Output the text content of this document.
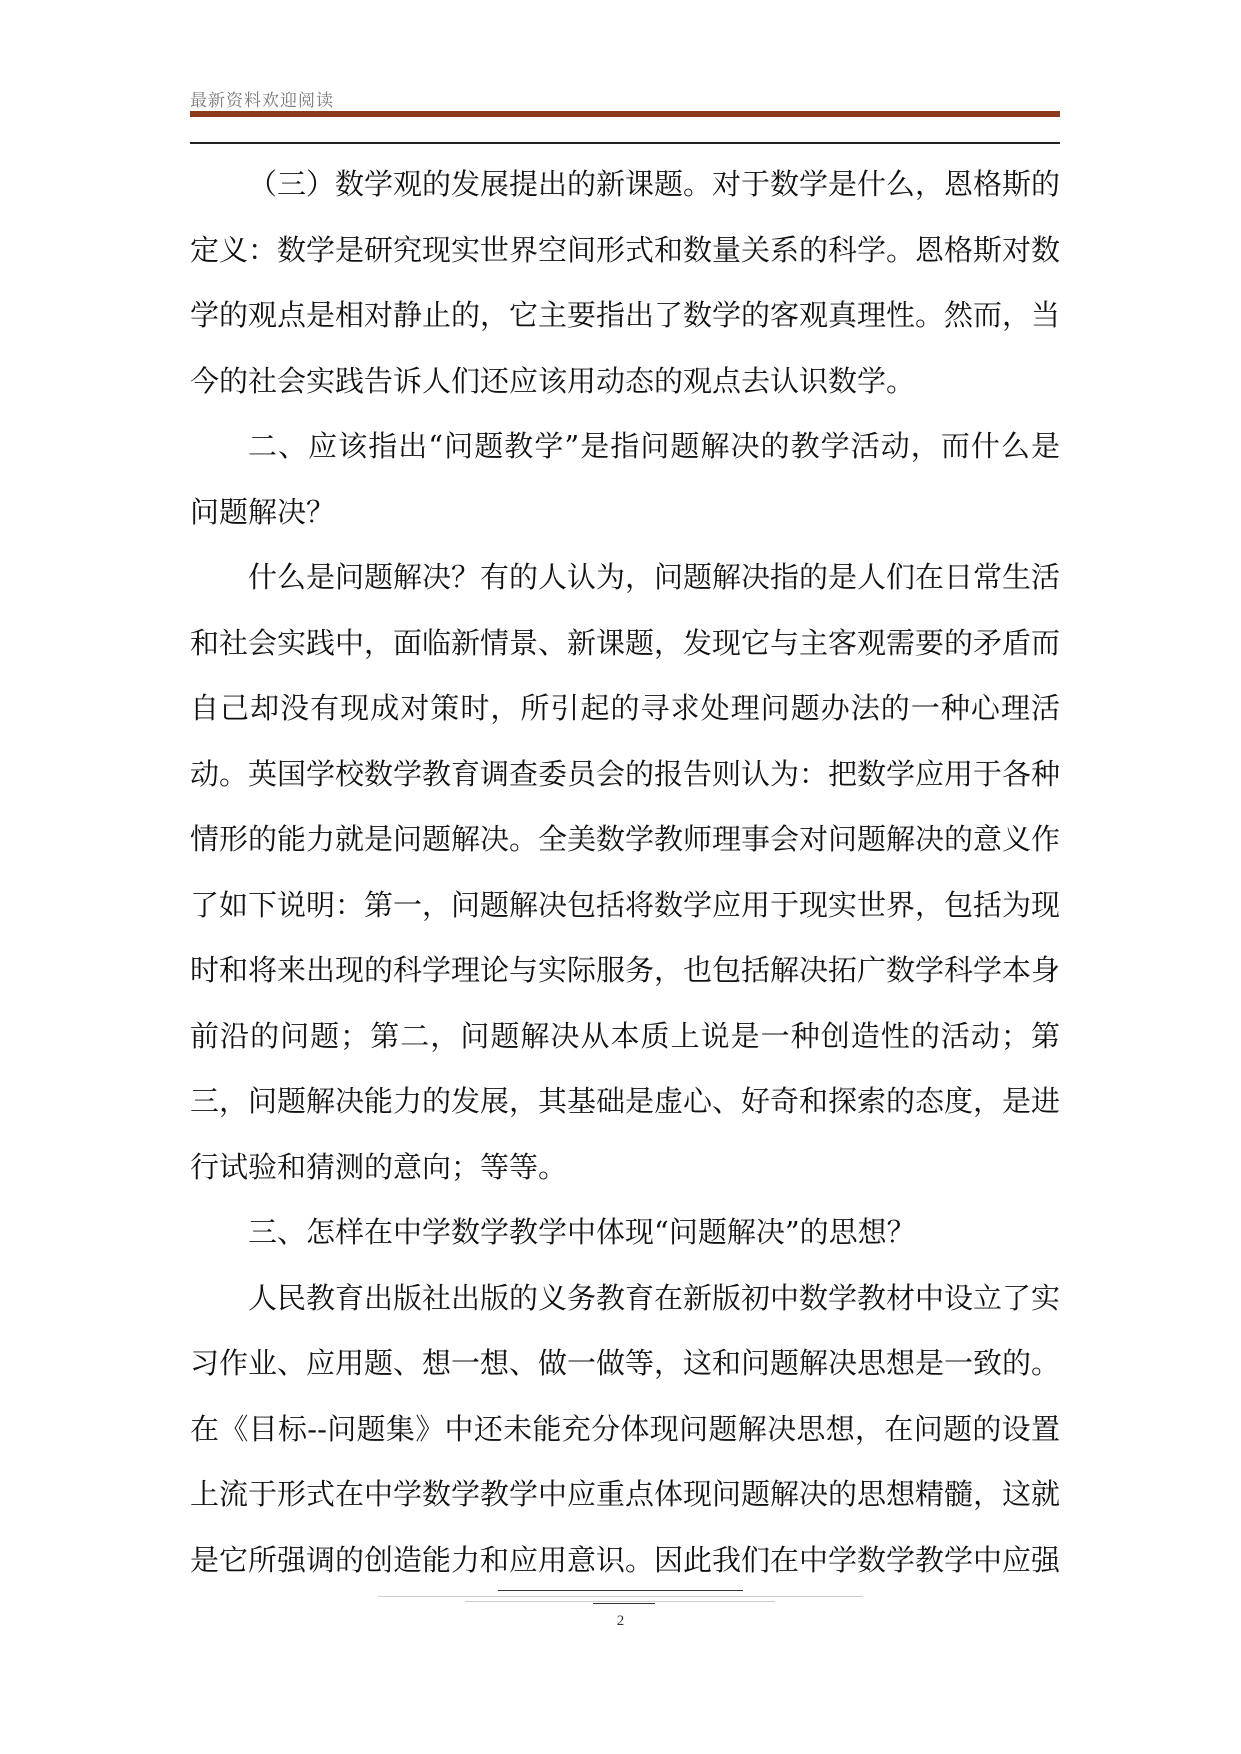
最新资料欢迎阅读

（三）数学观的发展提出的新课题。对于数学是什么，恩格斯的定义：数学是研究现实世界空间形式和数量关系的科学。恩格斯对数学的观点是相对静止的，它主要指出了数学的客观真理性。然而，当今的社会实践告诉人们还应该用动态的观点去认识数学。

二、应该指出“问题教学”是指问题解决的教学活动，而什么是问题解决？

什么是问题解决？有的人认为，问题解决指的是人们在日常生活和社会实践中，面临新情景、新课题，发现它与主客观需要的矛盾而自己却没有现成对策时，所引起的寻求处理问题办法的一种心理活动。英国学校数学教育调查委员会的报告则认为：把数学应用于各种情形的能力就是问题解决。全美数学教师理事会对问题解决的意义作了如下说明：第一，问题解决包括将数学应用于现实世界，包括为现时和将来出现的科学理论与实际服务，也包括解决拓广数学科学本身前沿的问题；第二，问题解决从本质上说是一种创造性的活动；第三，问题解决能力的发展，其基础是虚心、好奇和探索的态度，是进行试验和猜测的意向；等等。

三、怎样在中学数学教学中体现“问题解决”的思想？

人民教育出版社出版的义务教育在新版初中数学教材中设立了实习作业、应用题、想一想、做一做等，这和问题解决思想是一致的。在《目标--问题集》中还未能充分体现问题解决思想，在问题的设置上流于形式在中学数学教学中应重点体现问题解决的思想精髓，这就是它所强调的创造能力和应用意识。因此我们在中学数学教学中应强

2
